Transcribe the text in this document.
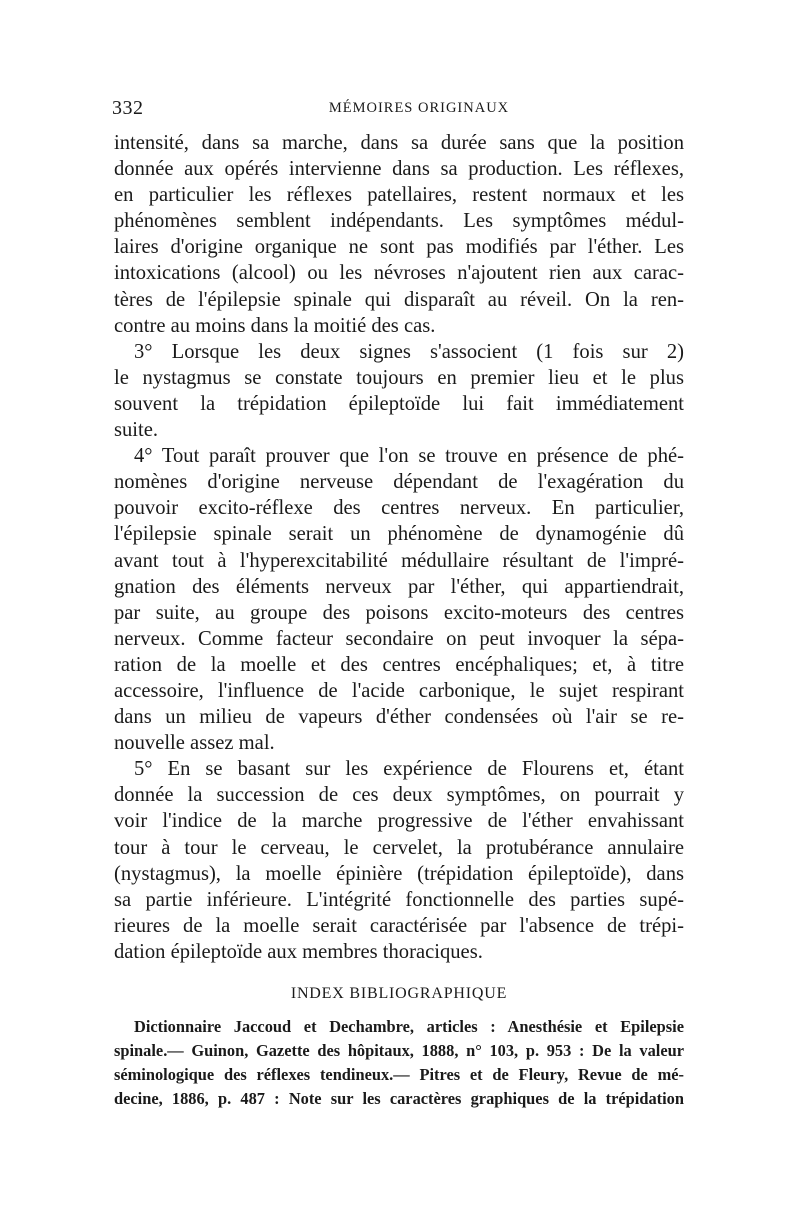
332	MÉMOIRES ORIGINAUX
intensité, dans sa marche, dans sa durée sans que la position
donnée aux opérés intervienne dans sa production. Les réflexes,
en particulier les réflexes patellaires, restent normaux et les
phénomènes semblent indépendants. Les symptômes médul-
laires d'origine organique ne sont pas modifiés par l'éther. Les
intoxications (alcool) ou les névroses n'ajoutent rien aux carac-
tères de l'épilepsie spinale qui disparaît au réveil. On la ren-
contre au moins dans la moitié des cas.
3° Lorsque les deux signes s'associent (1 fois sur 2)
le nystagmus se constate toujours en premier lieu et le plus
souvent la trépidation épileptoïde lui fait immédiatement
suite.
4° Tout paraît prouver que l'on se trouve en présence de phé-
nomènes d'origine nerveuse dépendant de l'exagération du
pouvoir excito-réflexe des centres nerveux. En particulier,
l'épilepsie spinale serait un phénomène de dynamogénie dû
avant tout à l'hyperexcitabilité médullaire résultant de l'impré-
gnation des éléments nerveux par l'éther, qui appartiendrait,
par suite, au groupe des poisons excito-moteurs des centres
nerveux. Comme facteur secondaire on peut invoquer la sépa-
ration de la moelle et des centres encéphaliques; et, à titre
accessoire, l'influence de l'acide carbonique, le sujet respirant
dans un milieu de vapeurs d'éther condensées où l'air se re-
nouvelle assez mal.
5° En se basant sur les expérience de Flourens et, étant
donnée la succession de ces deux symptômes, on pourrait y
voir l'indice de la marche progressive de l'éther envahissant
tour à tour le cerveau, le cervelet, la protubérance annulaire
(nystagmus), la moelle épinière (trépidation épileptoïde), dans
sa partie inférieure. L'intégrité fonctionnelle des parties supé-
rieures de la moelle serait caractérisée par l'absence de trépi-
dation épileptoïde aux membres thoraciques.
INDEX BIBLIOGRAPHIQUE
Dictionnaire Jaccoud et Dechambre, articles : Anesthésie et Epilepsie
spinale.— Guinon, Gazette des hôpitaux, 1888, n° 103, p. 953 : De la valeur
séminologique des réflexes tendineux.— Pitres et de Fleury, Revue de mé-
decine, 1886, p. 487 : Note sur les caractères graphiques de la trépidation
